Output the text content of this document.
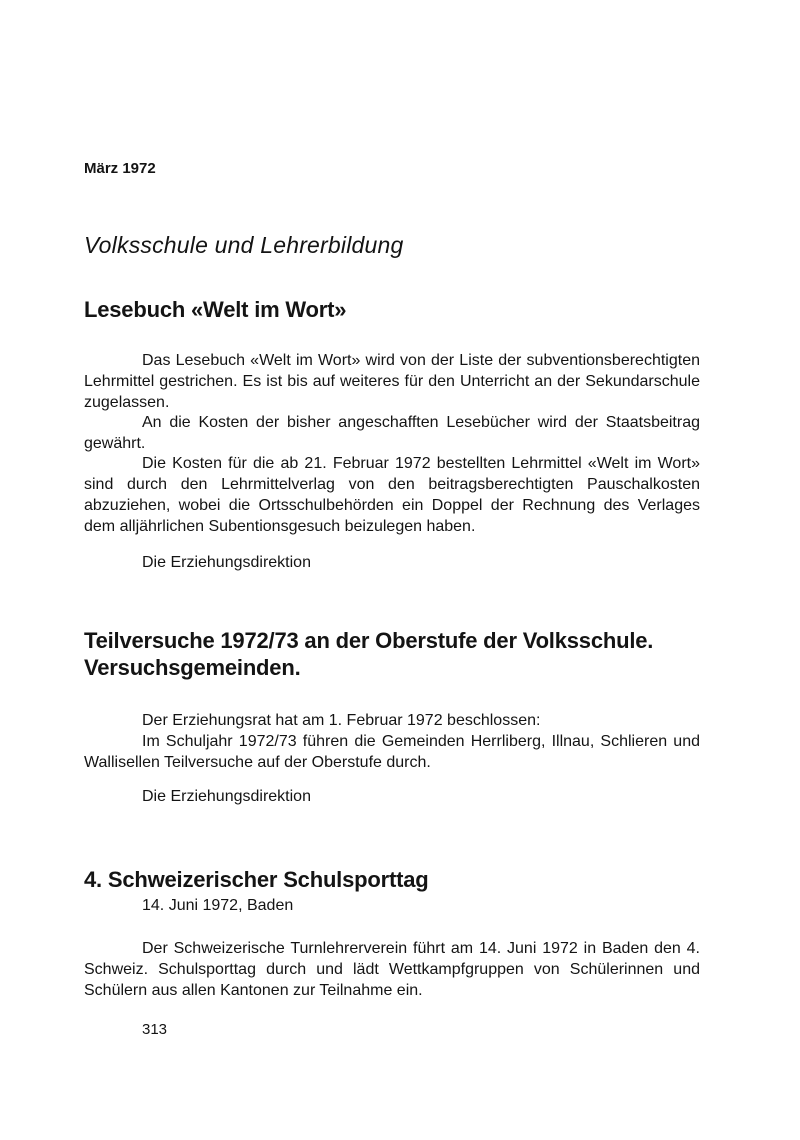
März 1972
Volksschule und Lehrerbildung
Lesebuch «Welt im Wort»

Das Lesebuch «Welt im Wort» wird von der Liste der subventionsberechtigten Lehrmittel gestrichen. Es ist bis auf weiteres für den Unterricht an der Sekundarschule zugelassen.

An die Kosten der bisher angeschafften Lesebücher wird der Staatsbeitrag gewährt.

Die Kosten für die ab 21. Februar 1972 bestellten Lehrmittel «Welt im Wort» sind durch den Lehrmittelverlag von den beitragsberechtigten Pauschalkosten abzuziehen, wobei die Ortsschulbehörden ein Doppel der Rechnung des Verlages dem alljährlichen Subentionsgesuch beizulegen haben.

Die Erziehungsdirektion
Teilversuche 1972/73 an der Oberstufe der Volksschule. Versuchsgemeinden.

Der Erziehungsrat hat am 1. Februar 1972 beschlossen:

Im Schuljahr 1972/73 führen die Gemeinden Herrliberg, Illnau, Schlieren und Wallisellen Teilversuche auf der Oberstufe durch.

Die Erziehungsdirektion
4. Schweizerischer Schulsporttag
14. Juni 1972, Baden

Der Schweizerische Turnlehrerverein führt am 14. Juni 1972 in Baden den 4. Schweiz. Schulsporttag durch und lädt Wettkampfgruppen von Schülerinnen und Schülern aus allen Kantonen zur Teilnahme ein.

313
